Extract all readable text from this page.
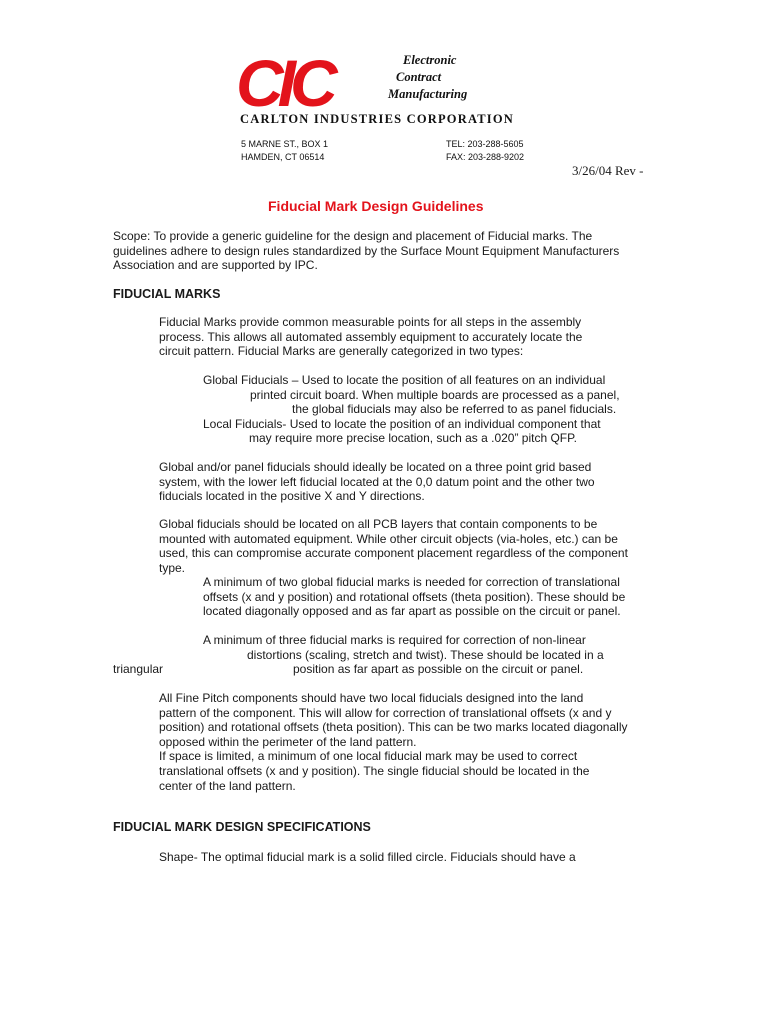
CIC	Electronic
Contract
Manufacturing
CARLTON INDUSTRIES CORPORATION
5 MARNE ST., BOX 1
HAMDEN, CT 06514
TEL: 203-288-5605
FAX: 203-288-9202
3/26/04 Rev -
Fiducial Mark Design Guidelines
Scope: To provide a generic guideline for the design and placement of Fiducial marks. The
guidelines adhere to design rules standardized by the Surface Mount Equipment Manufacturers
Association and are supported by IPC.
FIDUCIAL MARKS
Fiducial Marks provide common measurable points for all steps in the assembly
process. This allows all automated assembly equipment to accurately locate the
circuit pattern. Fiducial Marks are generally categorized in two types:
Global Fiducials – Used to locate the position of all features on an individual
printed circuit board. When multiple boards are processed as a panel,
the global fiducials may also be referred to as panel fiducials.
Local Fiducials- Used to locate the position of an individual component that
may require more precise location, such as a .020” pitch QFP.
Global and/or panel fiducials should ideally be located on a three point grid based
system, with the lower left fiducial located at the 0,0 datum point and the other two
fiducials located in the positive X and Y directions.
Global fiducials should be located on all PCB layers that contain components to be
mounted with automated equipment. While other circuit objects (via-holes, etc.) can be
used, this can compromise accurate component placement regardless of the component
type.
A minimum of two global fiducial marks is needed for correction of translational
offsets (x and y position) and rotational offsets (theta position). These should be
located diagonally opposed and as far apart as possible on the circuit or panel.
A minimum of three fiducial marks is required for correction of non-linear
distortions (scaling, stretch and twist). These should be located in a
triangular	position as far apart as possible on the circuit or panel.
All Fine Pitch components should have two local fiducials designed into the land
pattern of the component. This will allow for correction of translational offsets (x and y
position) and rotational offsets (theta position). This can be two marks located diagonally
opposed within the perimeter of the land pattern.
If space is limited, a minimum of one local fiducial mark may be used to correct
translational offsets (x and y position). The single fiducial should be located in the
center of the land pattern.
FIDUCIAL MARK DESIGN SPECIFICATIONS
Shape- The optimal fiducial mark is a solid filled circle. Fiducials should have a
